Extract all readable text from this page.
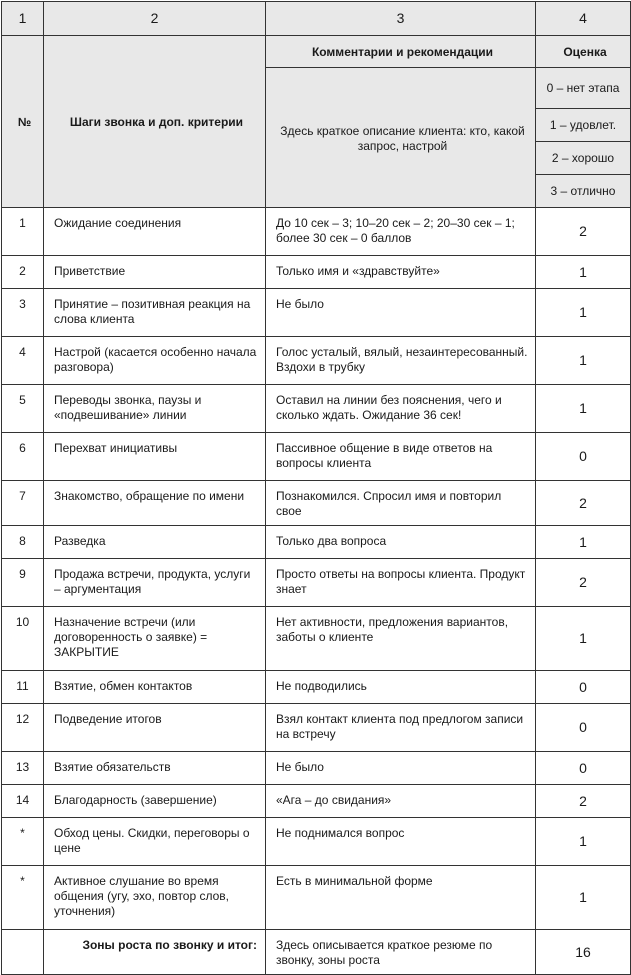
1	2	3	4
№	Шаги звонка и доп. критерии	Комментарии и рекомендации	Оценка
		Здесь краткое описание клиента: кто, какой запрос, настрой	0 – нет этапа
			1 – удовлет.
			2 – хорошо
			3 – отлично
1	Ожидание соединения	До 10 сек – 3; 10–20 сек – 2; 20–30 сек – 1; более 30 сек – 0 баллов	2
2	Приветствие	Только имя и «здравствуйте»	1
3	Принятие – позитивная реакция на слова клиента	Не было	1
4	Настрой (касается особенно начала разговора)	Голос усталый, вялый, незаинтересованный. Вздохи в трубку	1
5	Переводы звонка, паузы и «подвешивание» линии	Оставил на линии без пояснения, чего и сколько ждать. Ожидание 36 сек!	1
6	Перехват инициативы	Пассивное общение в виде ответов на вопросы клиента	0
7	Знакомство, обращение по имени	Познакомился. Спросил имя и повторил свое	2
8	Разведка	Только два вопроса	1
9	Продажа встречи, продукта, услуги – аргументация	Просто ответы на вопросы клиента. Продукт знает	2
10	Назначение встречи (или договоренность о заявке) = ЗАКРЫТИЕ	Нет активности, предложения вариантов, заботы о клиенте	1
11	Взятие, обмен контактов	Не подводились	0
12	Подведение итогов	Взял контакт клиента под предлогом записи на встречу	0
13	Взятие обязательств	Не было	0
14	Благодарность (завершение)	«Ага – до свидания»	2
*	Обход цены. Скидки, переговоры о цене	Не поднимался вопрос	1
*	Активное слушание во время общения (угу, эхо, повтор слов, уточнения)	Есть в минимальной форме	1
	Зоны роста по звонку и итог:	Здесь описывается краткое резюме по звонку, зоны роста	16
